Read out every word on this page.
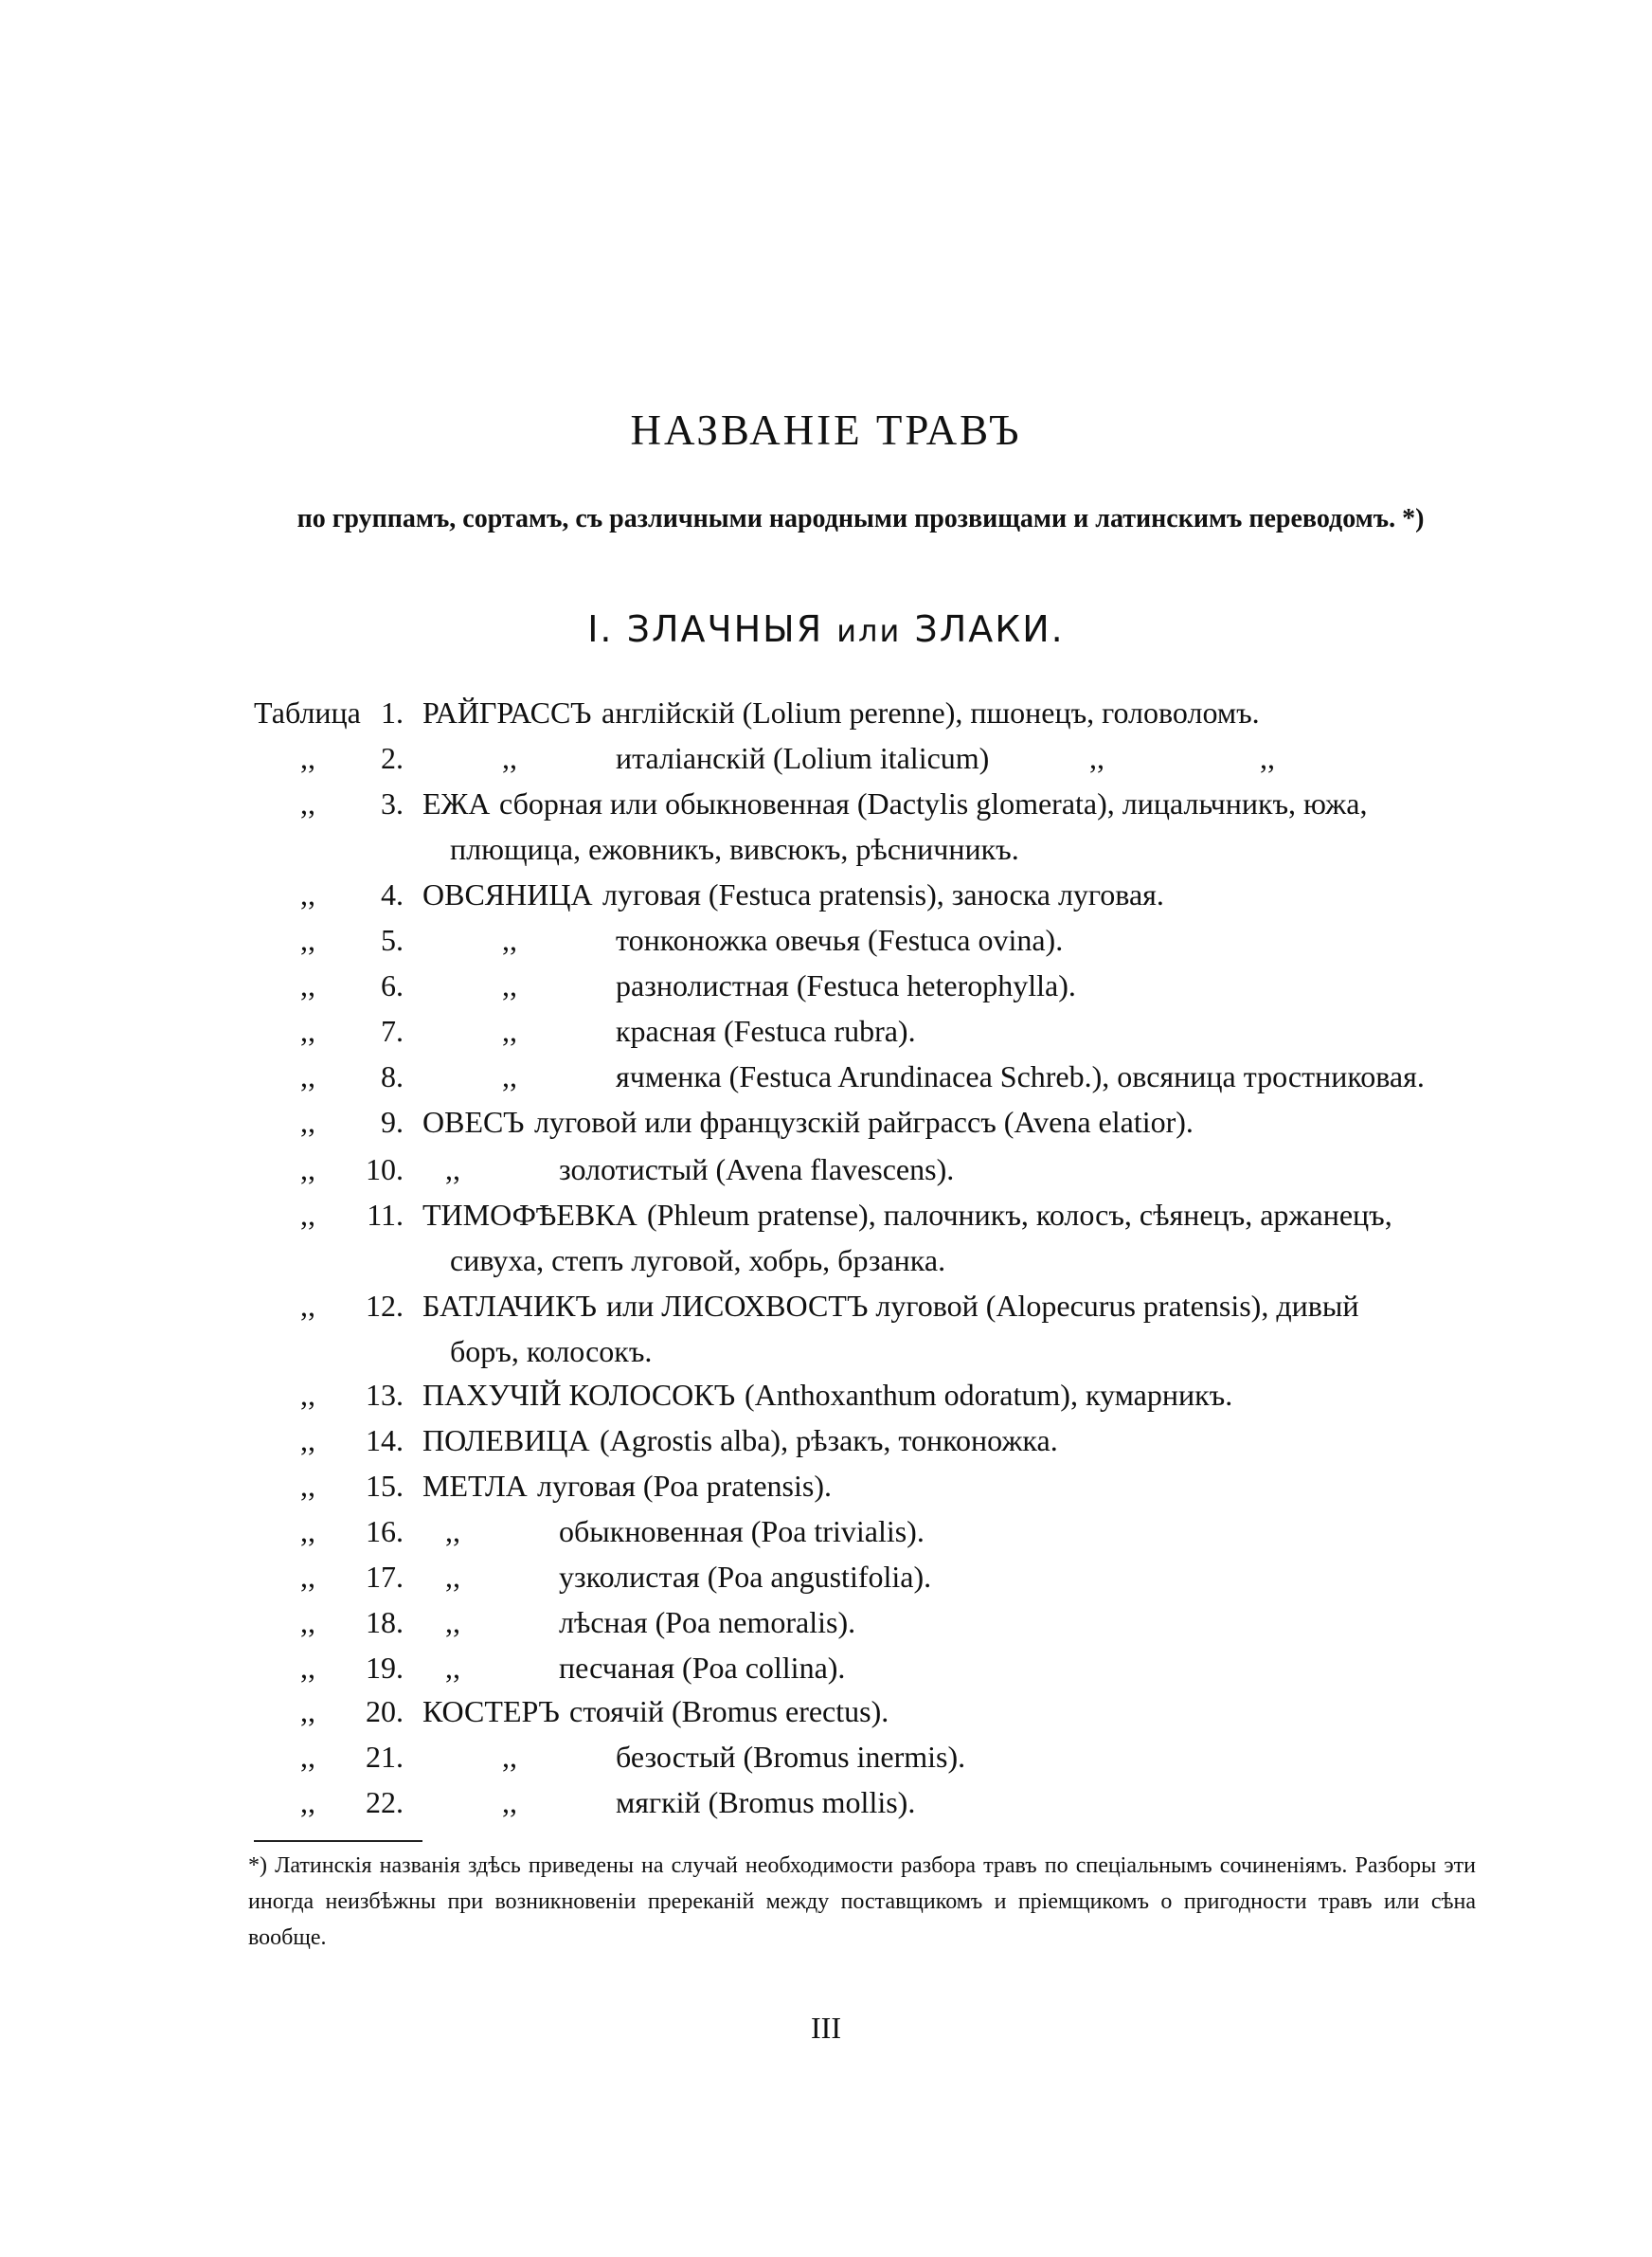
НАЗВАНІЕ ТРАВЪ
по группамъ, сортамъ, съ различными народными прозвищами и латинскимъ переводомъ. *)
I. ЗЛАЧНЫЯ или ЗЛАКИ.
Таблица 1. РАЙГРАССЪ англійскій (Lolium perenne), пшонецъ, головоломъ.
,, 2.	,,	италіанскій (Lolium italicum)	,,	,,
,, 3. ЕЖА сборная или обыкновенная (Dactylis glomerata), лицальчникъ, южа,
плющица, ежовникъ, вивсюкъ, рѣсничникъ.
,, 4. ОВСЯНИЦА луговая (Festuca pratensis), заноска луговая.
,, 5.	,,	тонконожка овечья (Festuca ovina).
,, 6.	,,	разнолистная (Festuca heterophylla).
,, 7.	,,	красная (Festuca rubra).
,, 8.	,,	ячменка (Festuca Arundinacea Schreb.), овсяница тростниковая.
,, 9. ОВЕСЪ луговой или французскій райграссъ (Avena elatior).
,, 10. ,,	золотистый (Avena flavescens).
,, 11. ТИМОФѢЕВКА (Phleum pratense), палочникъ, колосъ, сѣянецъ, аржанецъ,
сивуха, степъ луговой, хобрь, брзанка.
,, 12. БАТЛАЧИКЪ или ЛИСОХВОСТЪ луговой (Alopecurus pratensis), дивый
боръ, колосокъ.
,, 13. ПАХУЧІЙ КОЛОСОКЪ (Anthoxanthum odoratum), кумарникъ.
,, 14. ПОЛЕВИЦА (Agrostis alba), рѣзакъ, тонконожка.
,, 15. МЕТЛА луговая (Poa pratensis).
,, 16. ,,	обыкновенная (Poa trivialis).
,, 17. ,,	узколистая (Poa angustifolia).
,, 18. ,,	лѣсная (Poa nemoralis).
,, 19. ,,	песчаная (Poa collina).
,, 20. КОСТЕРЪ стоячій (Bromus erectus).
,, 21.	,,	безостый (Bromus inermis).
,, 22.	,,	мягкій (Bromus mollis).
*) Латинскія названія здѣсь приведены на случай необходимости разбора травъ по спеціальнымъ сочиненіямъ. Разборы эти иногда неизбѣжны при возникновеніи пререканій между поставщикомъ и пріемщикомъ о пригодности травъ или сѣна вообще.
III
